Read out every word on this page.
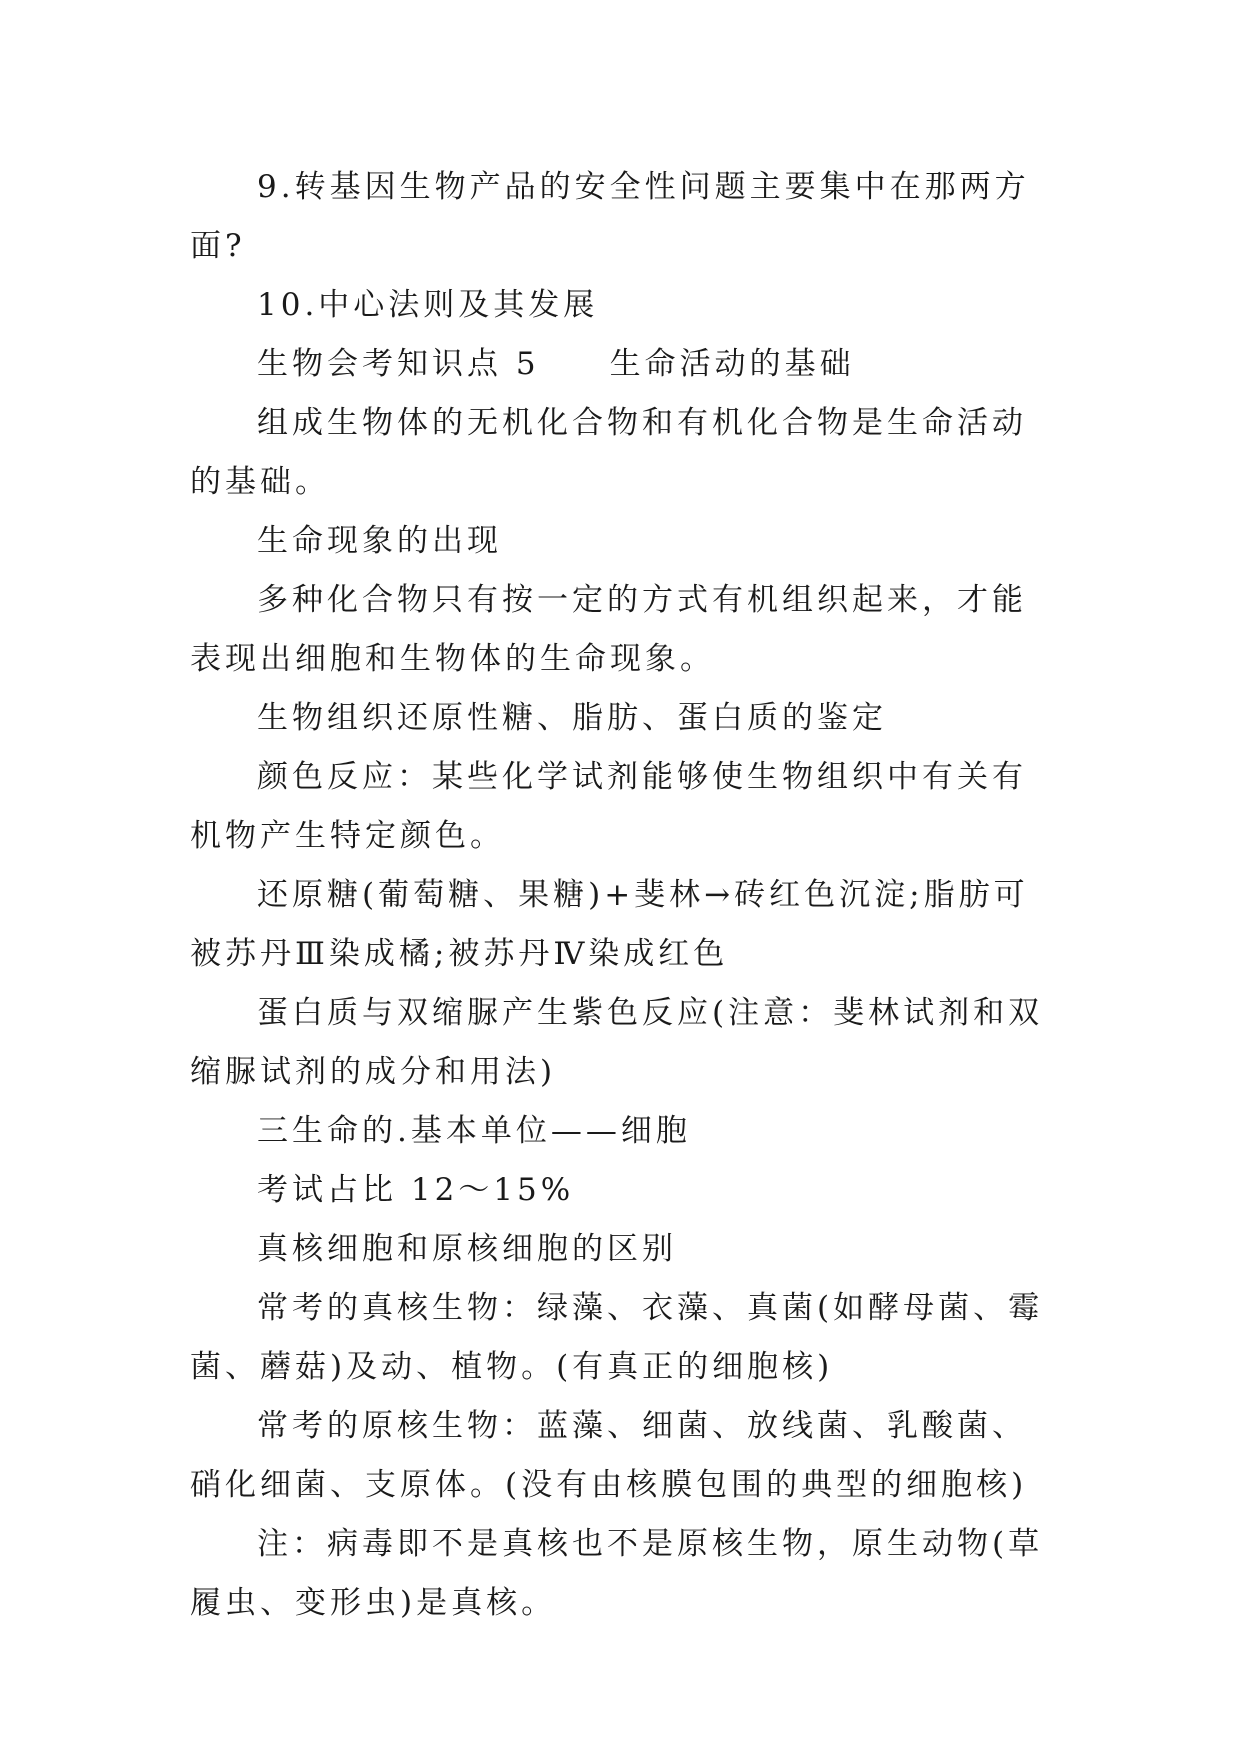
9.转基因生物产品的安全性问题主要集中在那两方面?

10.中心法则及其发展

生物会考知识点 5　　生命活动的基础

组成生物体的无机化合物和有机化合物是生命活动的基础。

生命现象的出现

多种化合物只有按一定的方式有机组织起来，才能表现出细胞和生物体的生命现象。

生物组织还原性糖、脂肪、蛋白质的鉴定

颜色反应：某些化学试剂能够使生物组织中有关有机物产生特定颜色。

还原糖(葡萄糖、果糖)+斐林→砖红色沉淀;脂肪可被苏丹Ⅲ染成橘;被苏丹Ⅳ染成红色

蛋白质与双缩脲产生紫色反应(注意：斐林试剂和双缩脲试剂的成分和用法)

三生命的.基本单位——细胞

考试占比 12～15%

真核细胞和原核细胞的区别

常考的真核生物：绿藻、衣藻、真菌(如酵母菌、霉菌、蘑菇)及动、植物。(有真正的细胞核)

常考的原核生物：蓝藻、细菌、放线菌、乳酸菌、硝化细菌、支原体。(没有由核膜包围的典型的细胞核)

注：病毒即不是真核也不是原核生物，原生动物(草履虫、变形虫)是真核。
